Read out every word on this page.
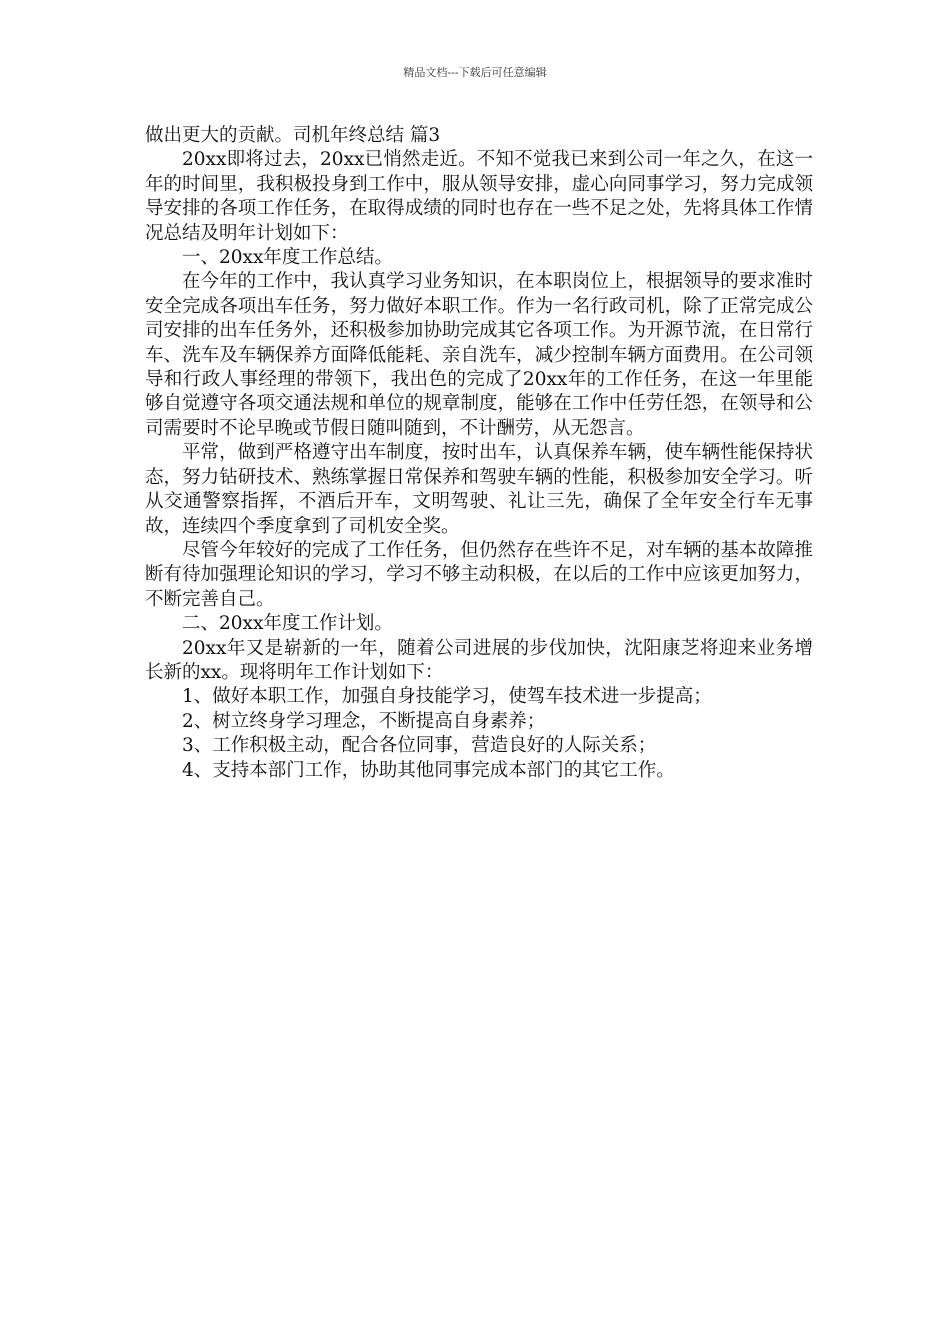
精品文档---下载后可任意编辑

做出更大的贡献。司机年终总结 篇3

20xx即将过去，20xx已悄然走近。不知不觉我已来到公司一年之久，在这一年的时间里，我积极投身到工作中，服从领导安排，虚心向同事学习，努力完成领导安排的各项工作任务，在取得成绩的同时也存在一些不足之处，先将具体工作情况总结及明年计划如下：

一、20xx年度工作总结。

在今年的工作中，我认真学习业务知识，在本职岗位上，根据领导的要求准时安全完成各项出车任务，努力做好本职工作。作为一名行政司机，除了正常完成公司安排的出车任务外，还积极参加协助完成其它各项工作。为开源节流，在日常行车、洗车及车辆保养方面降低能耗、亲自洗车，减少控制车辆方面费用。在公司领导和行政人事经理的带领下，我出色的完成了20xx年的工作任务，在这一年里能够自觉遵守各项交通法规和单位的规章制度，能够在工作中任劳任怨，在领导和公司需要时不论早晚或节假日随叫随到，不计酬劳，从无怨言。

平常，做到严格遵守出车制度，按时出车，认真保养车辆，使车辆性能保持状态，努力钻研技术、熟练掌握日常保养和驾驶车辆的性能，积极参加安全学习。听从交通警察指挥，不酒后开车，文明驾驶、礼让三先，确保了全年安全行车无事故，连续四个季度拿到了司机安全奖。

尽管今年较好的完成了工作任务，但仍然存在些许不足，对车辆的基本故障推断有待加强理论知识的学习，学习不够主动积极，在以后的工作中应该更加努力，不断完善自己。

二、20xx年度工作计划。

20xx年又是崭新的一年，随着公司进展的步伐加快，沈阳康芝将迎来业务增长新的xx。现将明年工作计划如下：

1、做好本职工作，加强自身技能学习，使驾车技术进一步提高；

2、树立终身学习理念，不断提高自身素养；

3、工作积极主动，配合各位同事，营造良好的人际关系；

4、支持本部门工作，协助其他同事完成本部门的其它工作。
